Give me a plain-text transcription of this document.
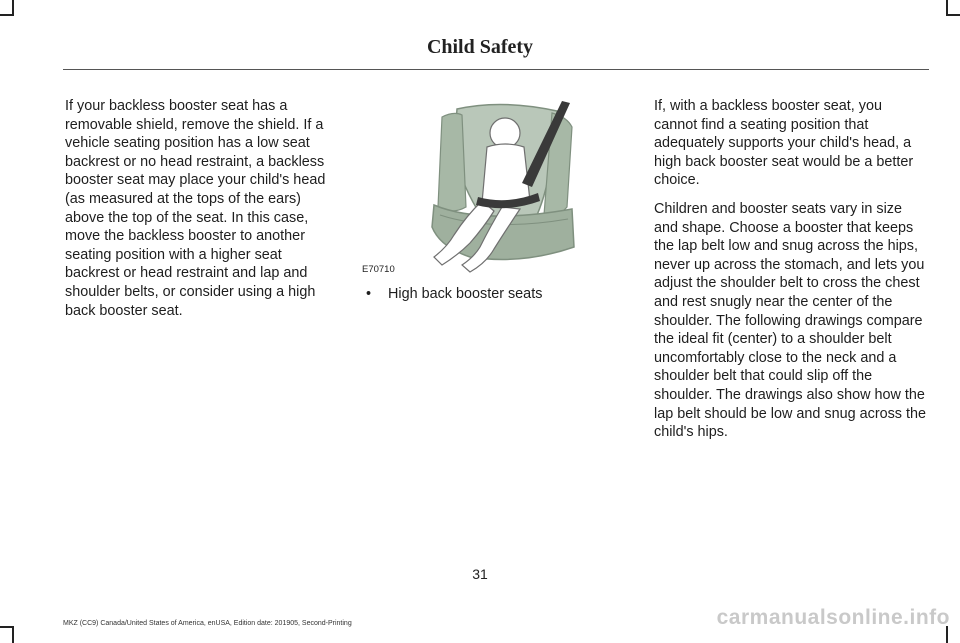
Child Safety

If your backless booster seat has a removable shield, remove the shield. If a vehicle seating position has a low seat backrest or no head restraint, a backless booster seat may place your child's head (as measured at the tops of the ears) above the top of the seat. In this case, move the backless booster to another seating position with a higher seat backrest or head restraint and lap and shoulder belts, or consider using a high back booster seat.

E70710
• High back booster seats

If, with a backless booster seat, you cannot find a seating position that adequately supports your child's head, a high back booster seat would be a better choice.

Children and booster seats vary in size and shape. Choose a booster that keeps the lap belt low and snug across the hips, never up across the stomach, and lets you adjust the shoulder belt to cross the chest and rest snugly near the center of the shoulder. The following drawings compare the ideal fit (center) to a shoulder belt uncomfortably close to the neck and a shoulder belt that could slip off the shoulder. The drawings also show how the lap belt should be low and snug across the child's hips.

31
MKZ (CC9) Canada/United States of America, enUSA, Edition date: 201905, Second-Printing	carmanualsonline.info
